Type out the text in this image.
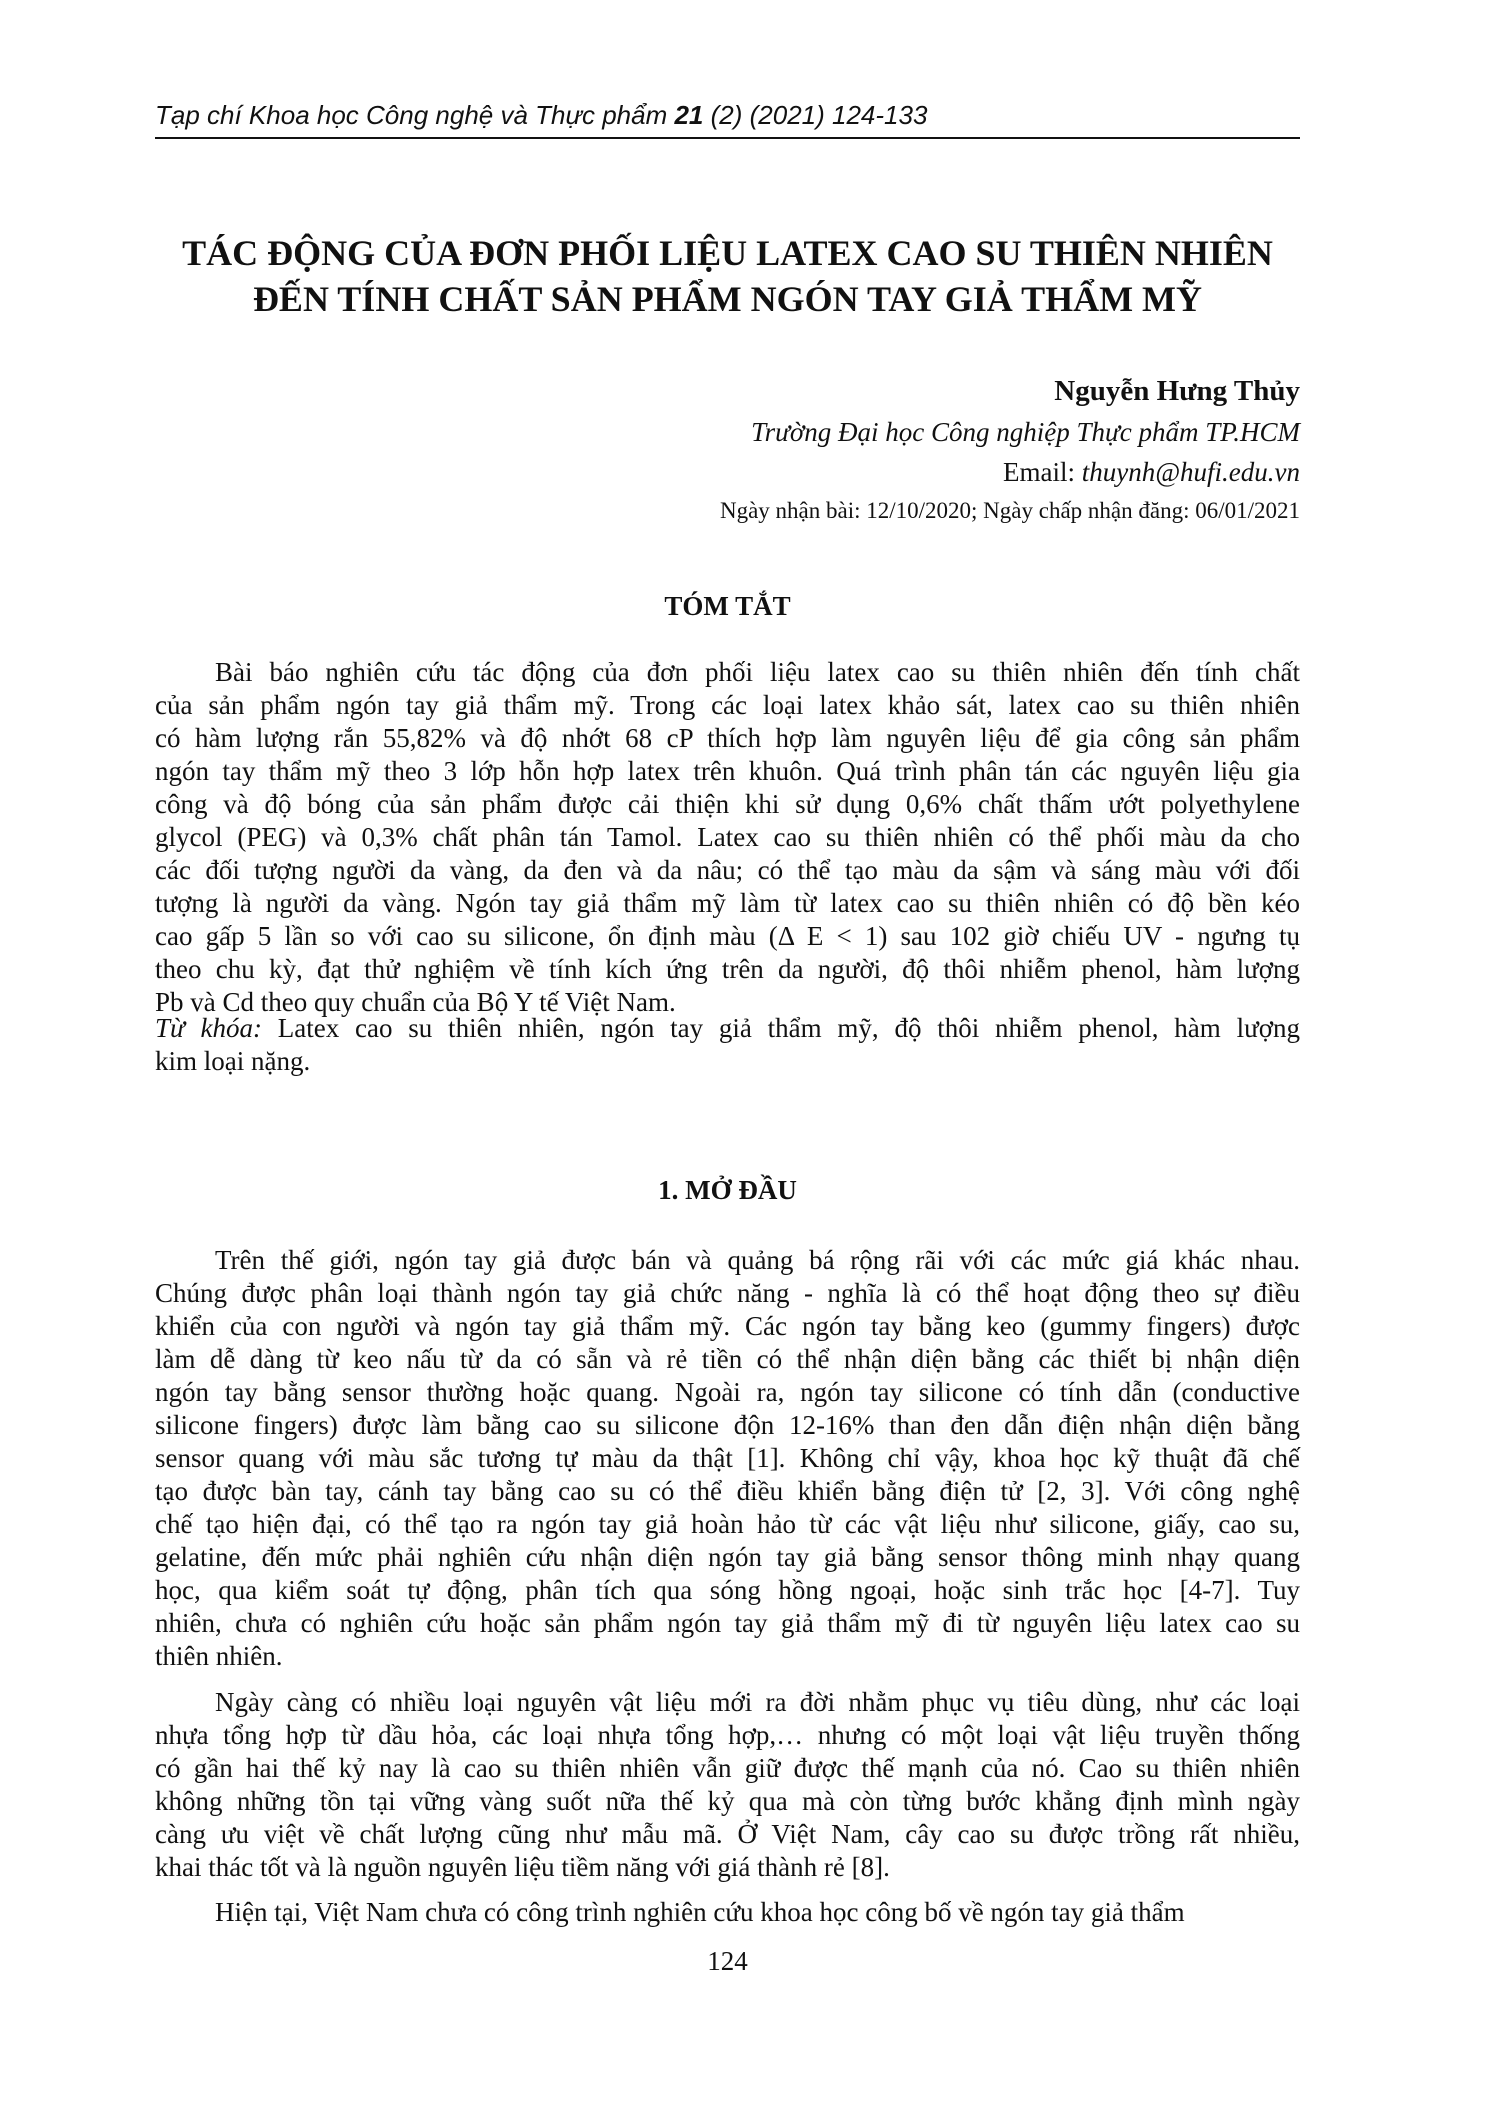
Tạp chí Khoa học Công nghệ và Thực phẩm 21 (2) (2021) 124-133
TÁC ĐỘNG CỦA ĐƠN PHỐI LIỆU LATEX CAO SU THIÊN NHIÊN
ĐẾN TÍNH CHẤT SẢN PHẨM NGÓN TAY GIẢ THẨM MỸ
Nguyễn Hưng Thủy
Trường Đại học Công nghiệp Thực phẩm TP.HCM
Email: thuynh@hufi.edu.vn
Ngày nhận bài: 12/10/2020; Ngày chấp nhận đăng: 06/01/2021
TÓM TẮT
Bài báo nghiên cứu tác động của đơn phối liệu latex cao su thiên nhiên đến tính chất
của sản phẩm ngón tay giả thẩm mỹ. Trong các loại latex khảo sát, latex cao su thiên nhiên
có hàm lượng rắn 55,82% và độ nhớt 68 cP thích hợp làm nguyên liệu để gia công sản phẩm
ngón tay thẩm mỹ theo 3 lớp hỗn hợp latex trên khuôn. Quá trình phân tán các nguyên liệu gia
công và độ bóng của sản phẩm được cải thiện khi sử dụng 0,6% chất thấm ướt polyethylene
glycol (PEG) và 0,3% chất phân tán Tamol. Latex cao su thiên nhiên có thể phối màu da cho
các đối tượng người da vàng, da đen và da nâu; có thể tạo màu da sậm và sáng màu với đối
tượng là người da vàng. Ngón tay giả thẩm mỹ làm từ latex cao su thiên nhiên có độ bền kéo
cao gấp 5 lần so với cao su silicone, ổn định màu (Δ E < 1) sau 102 giờ chiếu UV - ngưng tụ
theo chu kỳ, đạt thử nghiệm về tính kích ứng trên da người, độ thôi nhiễm phenol, hàm lượng
Pb và Cd theo quy chuẩn của Bộ Y tế Việt Nam.
Từ khóa: Latex cao su thiên nhiên, ngón tay giả thẩm mỹ, độ thôi nhiễm phenol, hàm lượng
kim loại nặng.
1. MỞ ĐẦU
Trên thế giới, ngón tay giả được bán và quảng bá rộng rãi với các mức giá khác nhau.
Chúng được phân loại thành ngón tay giả chức năng - nghĩa là có thể hoạt động theo sự điều
khiển của con người và ngón tay giả thẩm mỹ. Các ngón tay bằng keo (gummy fingers) được
làm dễ dàng từ keo nấu từ da có sẵn và rẻ tiền có thể nhận diện bằng các thiết bị nhận diện
ngón tay bằng sensor thường hoặc quang. Ngoài ra, ngón tay silicone có tính dẫn (conductive
silicone fingers) được làm bằng cao su silicone độn 12-16% than đen dẫn điện nhận diện bằng
sensor quang với màu sắc tương tự màu da thật [1]. Không chỉ vậy, khoa học kỹ thuật đã chế
tạo được bàn tay, cánh tay bằng cao su có thể điều khiển bằng điện tử [2, 3]. Với công nghệ
chế tạo hiện đại, có thể tạo ra ngón tay giả hoàn hảo từ các vật liệu như silicone, giấy, cao su,
gelatine, đến mức phải nghiên cứu nhận diện ngón tay giả bằng sensor thông minh nhạy quang
học, qua kiểm soát tự động, phân tích qua sóng hồng ngoại, hoặc sinh trắc học [4-7]. Tuy
nhiên, chưa có nghiên cứu hoặc sản phẩm ngón tay giả thẩm mỹ đi từ nguyên liệu latex cao su
thiên nhiên.
Ngày càng có nhiều loại nguyên vật liệu mới ra đời nhằm phục vụ tiêu dùng, như các loại
nhựa tổng hợp từ dầu hỏa, các loại nhựa tổng hợp,… nhưng có một loại vật liệu truyền thống
có gần hai thế kỷ nay là cao su thiên nhiên vẫn giữ được thế mạnh của nó. Cao su thiên nhiên
không những tồn tại vững vàng suốt nữa thế kỷ qua mà còn từng bước khẳng định mình ngày
càng ưu việt về chất lượng cũng như mẫu mã. Ở Việt Nam, cây cao su được trồng rất nhiều,
khai thác tốt và là nguồn nguyên liệu tiềm năng với giá thành rẻ [8].
Hiện tại, Việt Nam chưa có công trình nghiên cứu khoa học công bố về ngón tay giả thẩm
124
